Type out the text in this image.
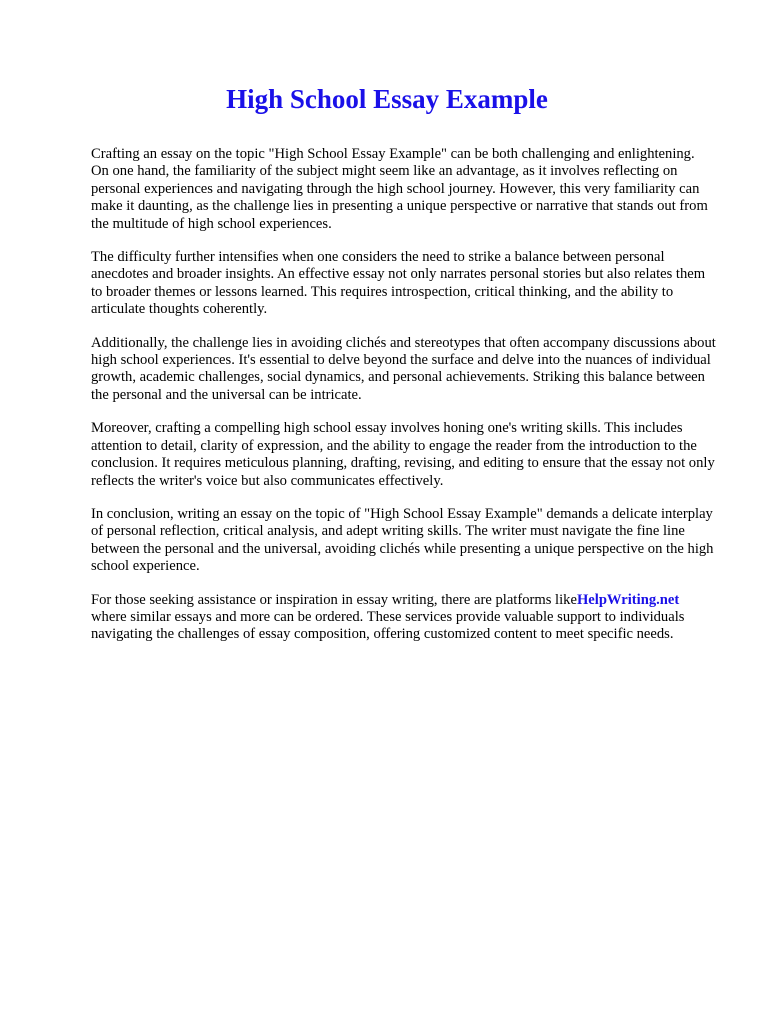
High School Essay Example

Crafting an essay on the topic "High School Essay Example" can be both challenging and enlightening. On one hand, the familiarity of the subject might seem like an advantage, as it involves reflecting on personal experiences and navigating through the high school journey. However, this very familiarity can make it daunting, as the challenge lies in presenting a unique perspective or narrative that stands out from the multitude of high school experiences.

The difficulty further intensifies when one considers the need to strike a balance between personal anecdotes and broader insights. An effective essay not only narrates personal stories but also relates them to broader themes or lessons learned. This requires introspection, critical thinking, and the ability to articulate thoughts coherently.

Additionally, the challenge lies in avoiding clichés and stereotypes that often accompany discussions about high school experiences. It's essential to delve beyond the surface and delve into the nuances of individual growth, academic challenges, social dynamics, and personal achievements. Striking this balance between the personal and the universal can be intricate.

Moreover, crafting a compelling high school essay involves honing one's writing skills. This includes attention to detail, clarity of expression, and the ability to engage the reader from the introduction to the conclusion. It requires meticulous planning, drafting, revising, and editing to ensure that the essay not only reflects the writer's voice but also communicates effectively.

In conclusion, writing an essay on the topic of "High School Essay Example" demands a delicate interplay of personal reflection, critical analysis, and adept writing skills. The writer must navigate the fine line between the personal and the universal, avoiding clichés while presenting a unique perspective on the high school experience.

For those seeking assistance or inspiration in essay writing, there are platforms likeHelpWriting.net where similar essays and more can be ordered. These services provide valuable support to individuals navigating the challenges of essay composition, offering customized content to meet specific needs.
